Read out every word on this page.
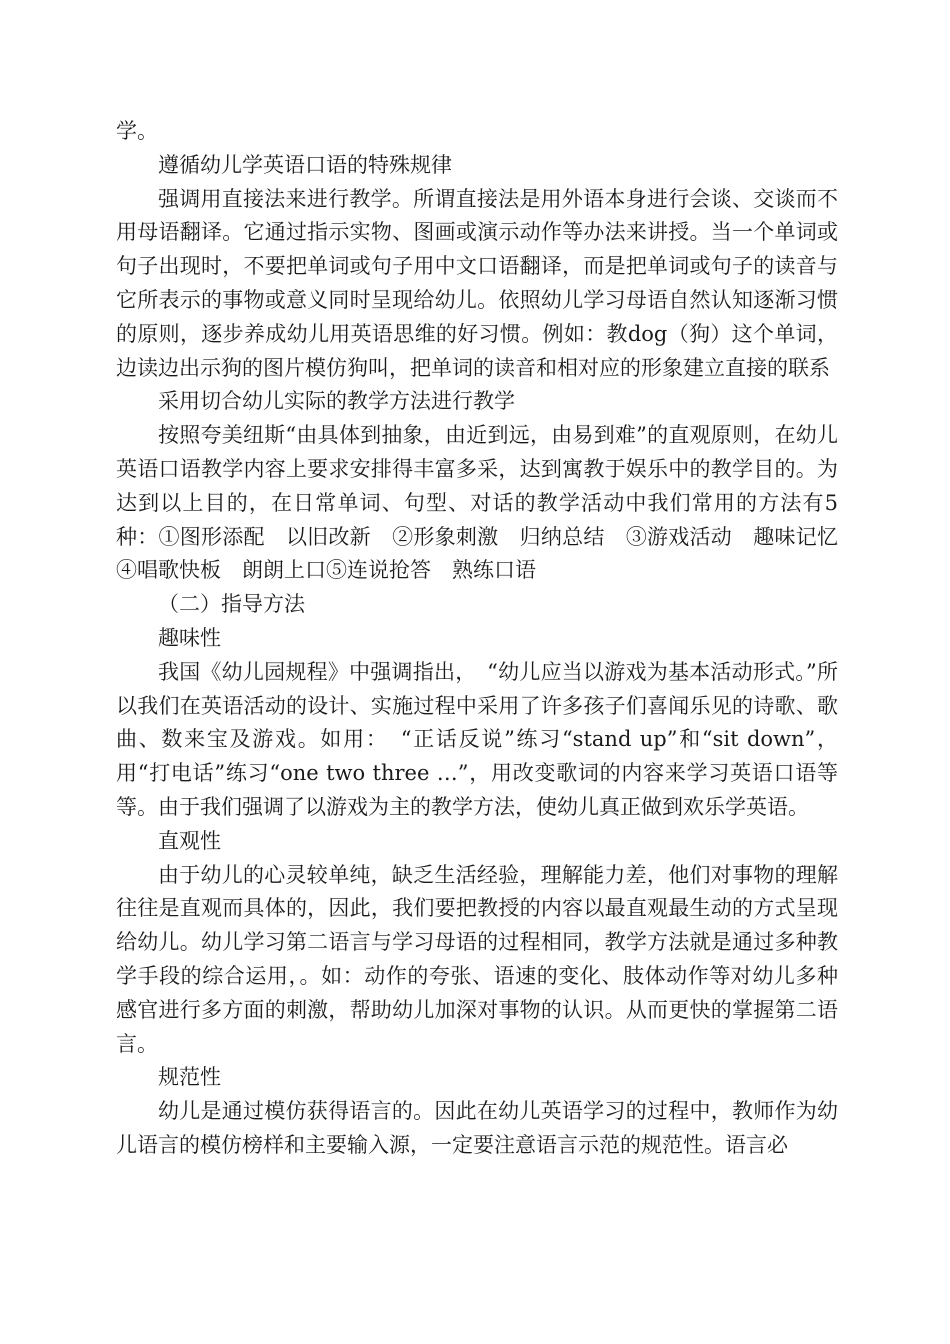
学。

遵循幼儿学英语口语的特殊规律

强调用直接法来进行教学。所谓直接法是用外语本身进行会谈、交谈而不用母语翻译。它通过指示实物、图画或演示动作等办法来讲授。当一个单词或句子出现时，不要把单词或句子用中文口语翻译，而是把单词或句子的读音与它所表示的事物或意义同时呈现给幼儿。依照幼儿学习母语自然认知逐渐习惯的原则，逐步养成幼儿用英语思维的好习惯。例如：教dog（狗）这个单词，边读边出示狗的图片模仿狗叫，把单词的读音和相对应的形象建立直接的联系

采用切合幼儿实际的教学方法进行教学

按照夸美纽斯“由具体到抽象，由近到远，由易到难”的直观原则，在幼儿英语口语教学内容上要求安排得丰富多采，达到寓教于娱乐中的教学目的。为达到以上目的，在日常单词、句型、对话的教学活动中我们常用的方法有5种：①图形添配　以旧改新　②形象刺激　归纳总结　③游戏活动　趣味记忆　④唱歌快板　朗朗上口⑤连说抢答　熟练口语

（二）指导方法

趣味性

我国《幼儿园规程》中强调指出，　“幼儿应当以游戏为基本活动形式。”所以我们在英语活动的设计、实施过程中采用了许多孩子们喜闻乐见的诗歌、歌曲、数来宝及游戏。如用：　“正话反说”练习“stand up”和“sit down”，用“打电话”练习“one two three …”，用改变歌词的内容来学习英语口语等等。由于我们强调了以游戏为主的教学方法，使幼儿真正做到欢乐学英语。

直观性

由于幼儿的心灵较单纯，缺乏生活经验，理解能力差，他们对事物的理解往往是直观而具体的，因此，我们要把教授的内容以最直观最生动的方式呈现给幼儿。幼儿学习第二语言与学习母语的过程相同，教学方法就是通过多种教学手段的综合运用，。如：动作的夸张、语速的变化、肢体动作等对幼儿多种感官进行多方面的刺激，帮助幼儿加深对事物的认识。从而更快的掌握第二语言。

规范性

幼儿是通过模仿获得语言的。因此在幼儿英语学习的过程中，教师作为幼儿语言的模仿榜样和主要输入源，一定要注意语言示范的规范性。语言必
